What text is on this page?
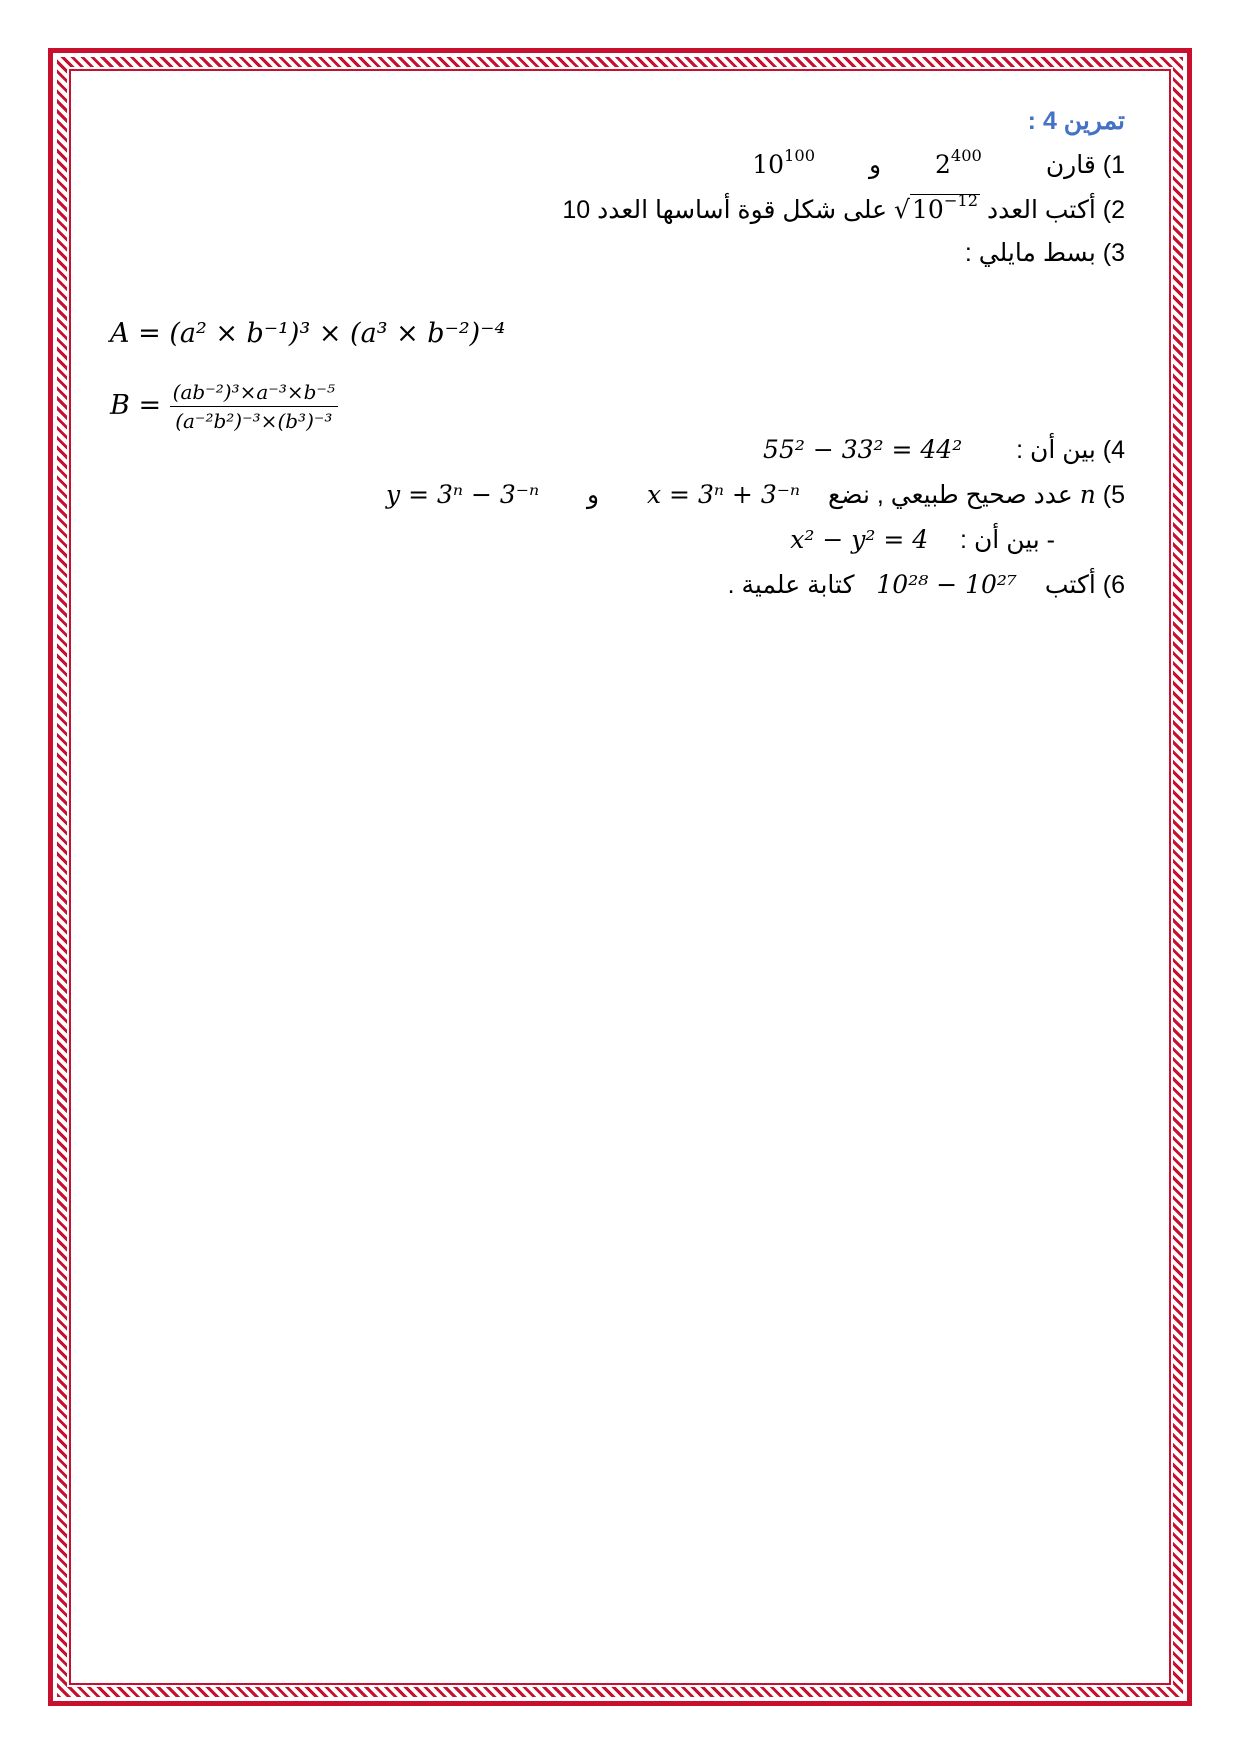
تمرين 4 :
1) قارن  $2^{400}$  و  $10^{100}$
2) أكتب العدد $√10^{-12}$ على شكل قوة أساسها العدد 10
3) بسط مايلي :
A = (a² × b⁻¹)³ × (a³ × b⁻²)⁻⁴
$B = \frac{\text{(ab⁻²)³×a⁻³×b⁻⁵}}{\text{(a⁻²b²)⁻³×(b³)⁻³}}$
4) بين أن :  55² − 33² = 44²
5) n عدد صحيح طبيعي , نضع  x = 3ⁿ + 3⁻ⁿ  و  y = 3ⁿ − 3⁻ⁿ
- بين أن :  x² − y² = 4
6) أكتب  10²⁸ − 10²⁷  كتابة علمية .
